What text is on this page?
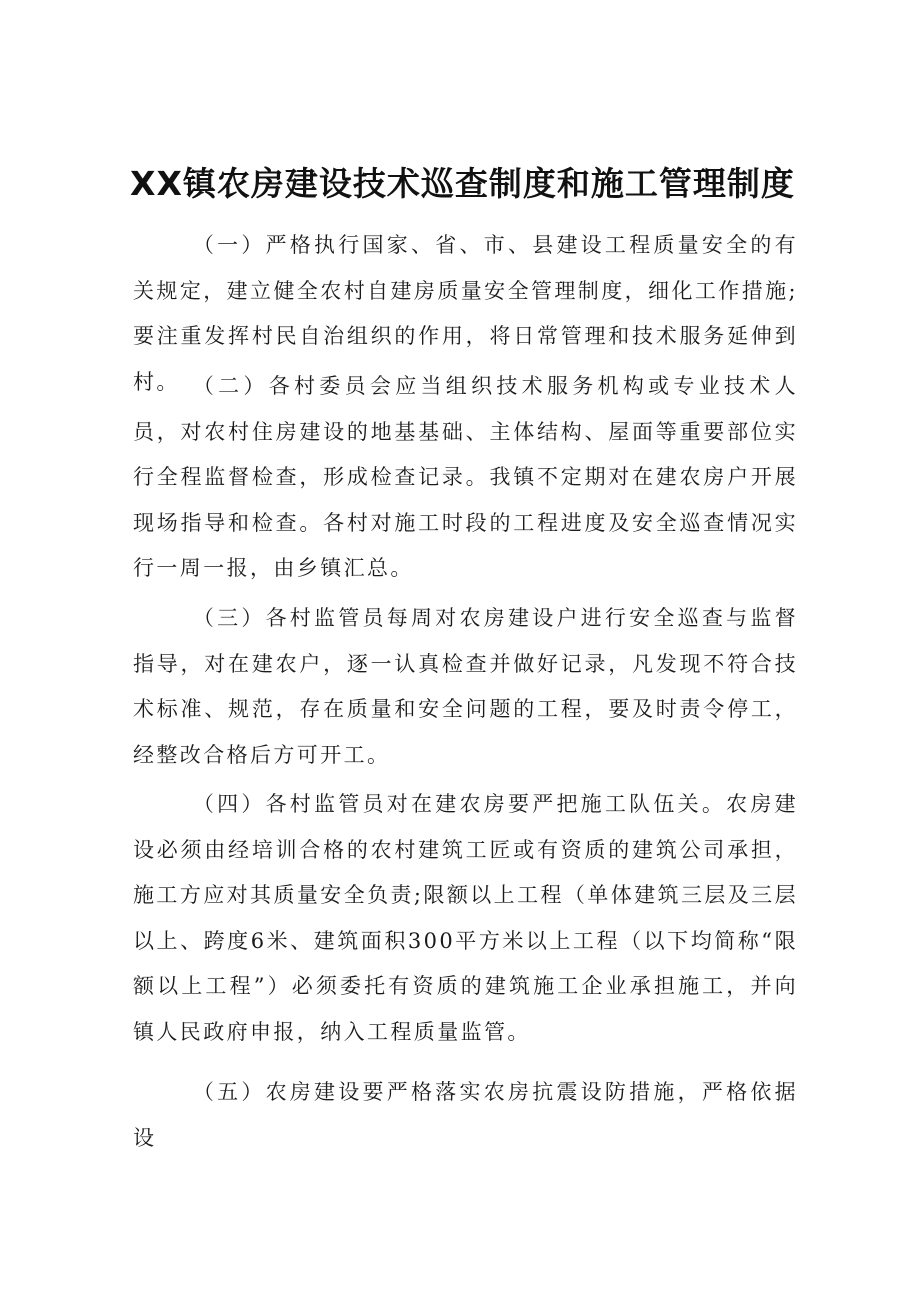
XX镇农房建设技术巡查制度和施工管理制度

（一）严格执行国家、省、市、县建设工程质量安全的有关规定，建立健全农村自建房质量安全管理制度，细化工作措施;要注重发挥村民自治组织的作用，将日常管理和技术服务延伸到村。 （二）各村委员会应当组织技术服务机构或专业技术人员，对农村住房建设的地基基础、主体结构、屋面等重要部位实行全程监督检查，形成检查记录。我镇不定期对在建农房户开展现场指导和检查。各村对施工时段的工程进度及安全巡查情况实行一周一报，由乡镇汇总。

（三）各村监管员每周对农房建设户进行安全巡查与监督指导，对在建农户，逐一认真检查并做好记录，凡发现不符合技术标准、规范，存在质量和安全问题的工程，要及时责令停工，经整改合格后方可开工。

（四）各村监管员对在建农房要严把施工队伍关。农房建设必须由经培训合格的农村建筑工匠或有资质的建筑公司承担，施工方应对其质量安全负责;限额以上工程（单体建筑三层及三层以上、跨度6米、建筑面积300平方米以上工程（以下均简称“限额以上工程”）必须委托有资质的建筑施工企业承担施工，并向镇人民政府申报，纳入工程质量监管。

（五）农房建设要严格落实农房抗震设防措施，严格依据设
